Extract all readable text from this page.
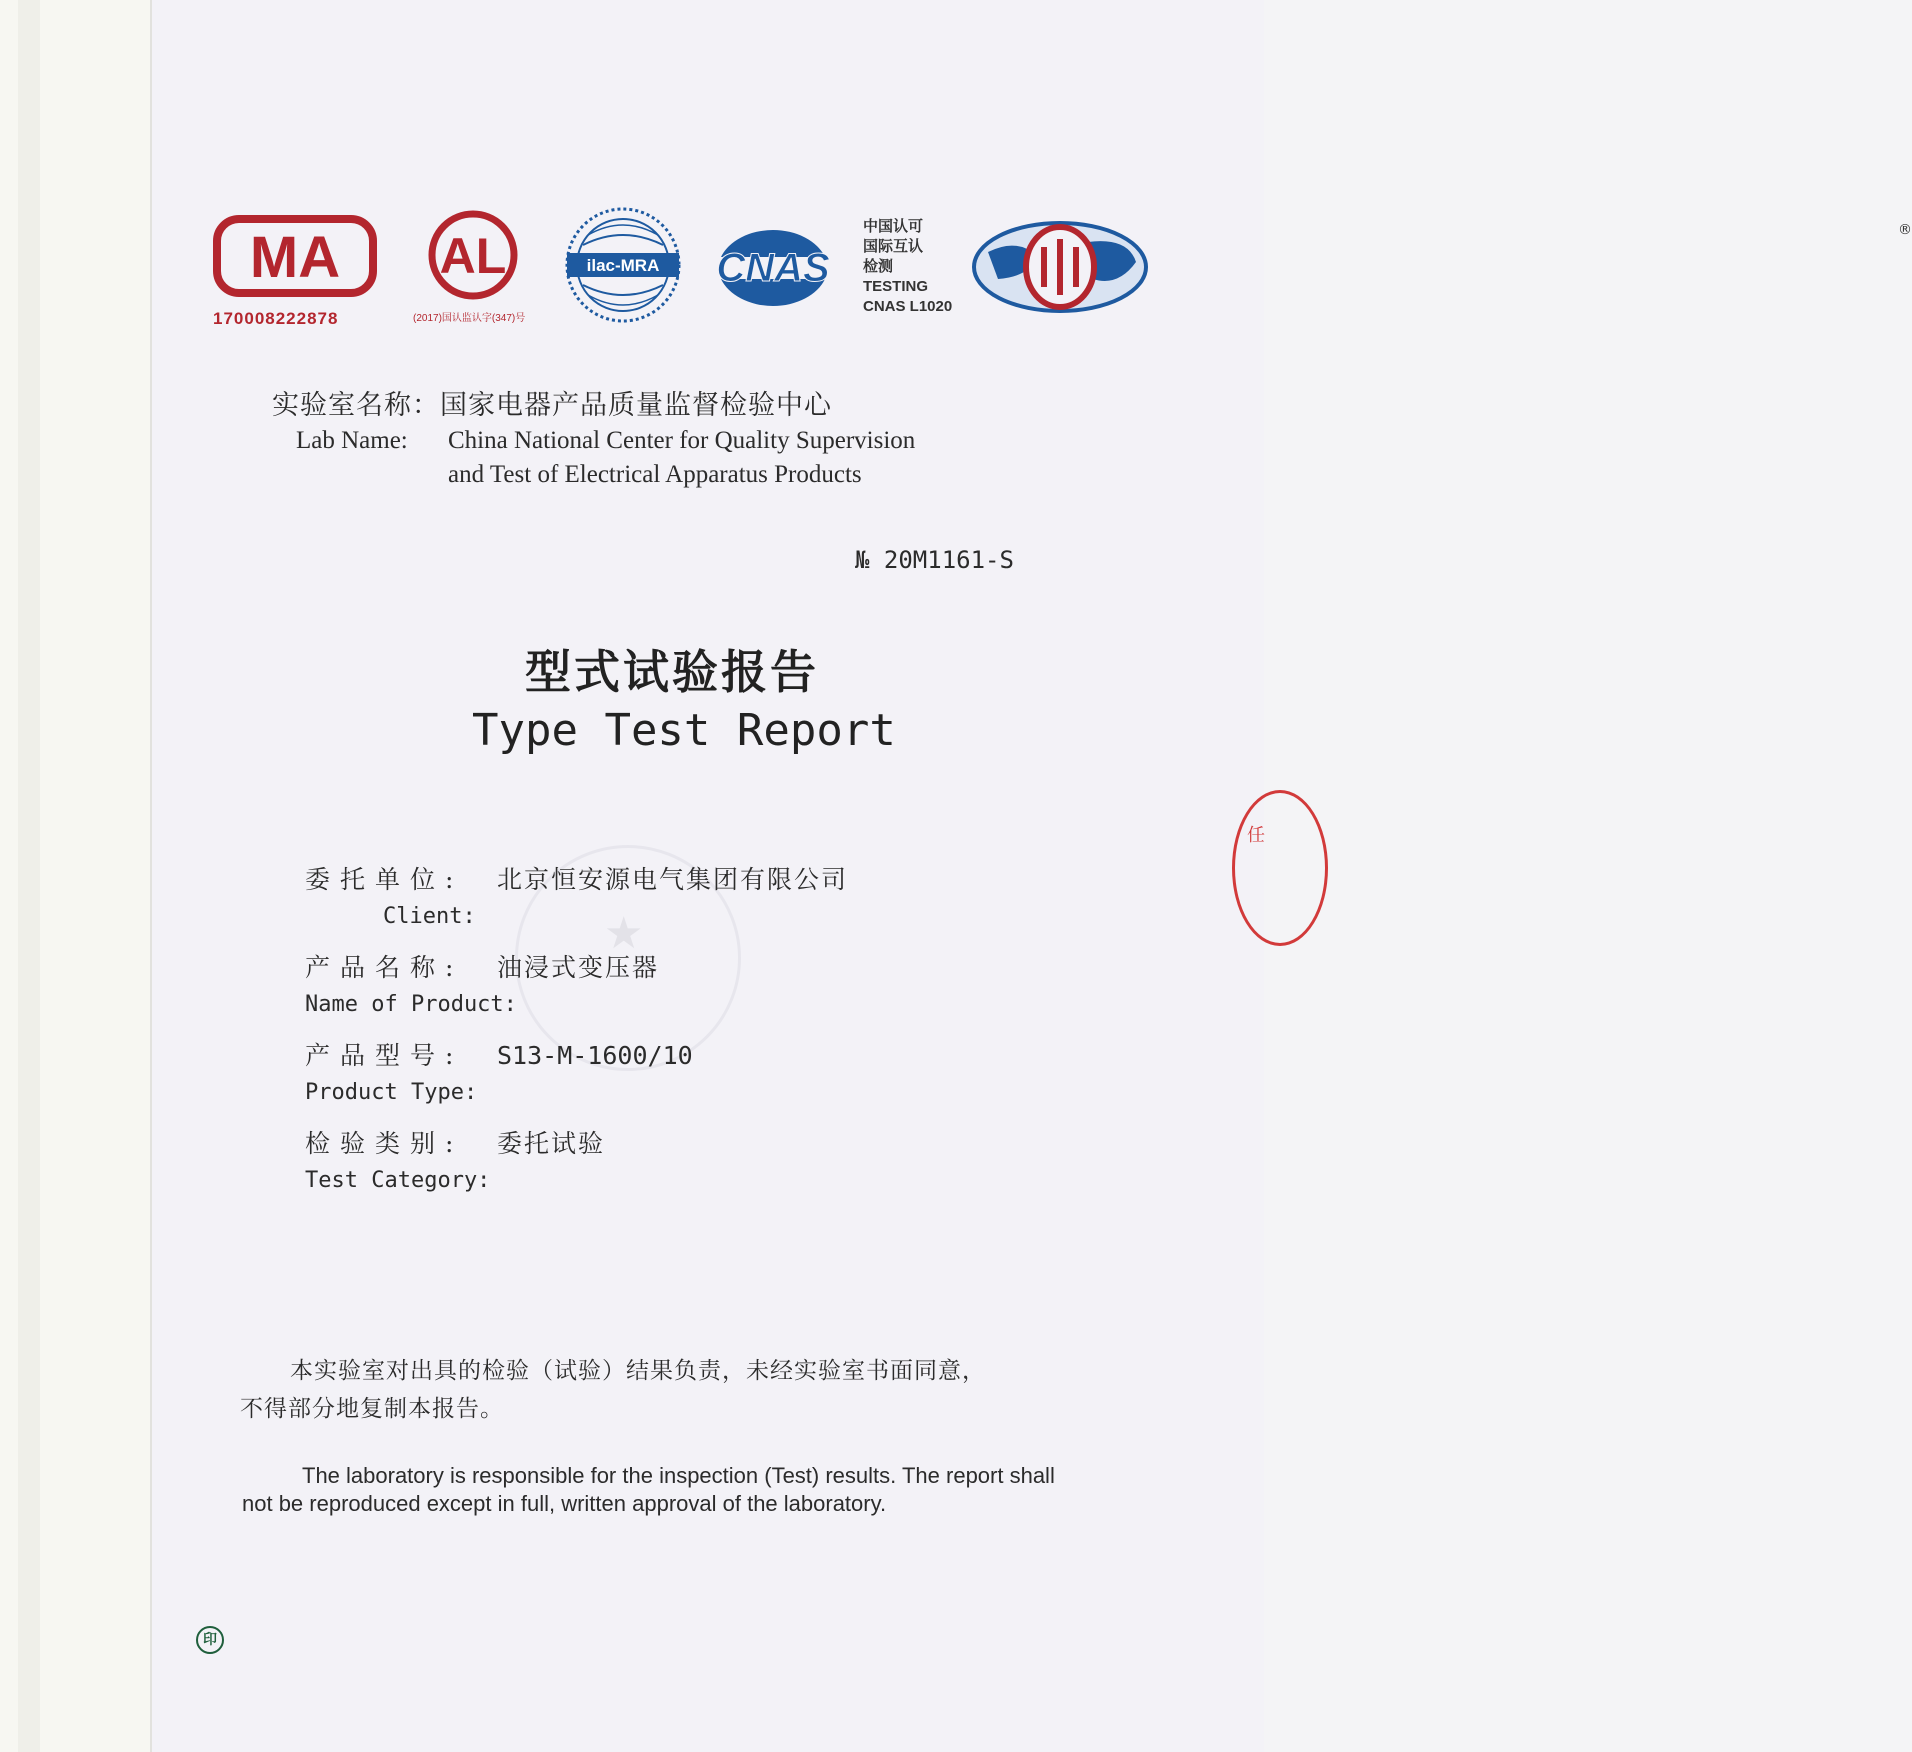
MA
170008222878
AL
(2017)国认监认字(347)号
ilac-MRA CNAS
中国认可
国际互认
检测
TESTING
CNAS L1020
®
实验室名称：国家电器产品质量监督检验中心
Lab Name: China National Center for Quality Supervision
and Test of Electrical Apparatus Products
№ 20M1161-S
型式试验报告
Type Test Report
★
任
委托单位: 北京恒安源电气集团有限公司
Client:
产品名称: 油浸式变压器
Name of Product:
产品型号: S13-M-1600/10
Product Type:
检验类别: 委托试验
Test Category:
本实验室对出具的检验（试验）结果负责，未经实验室书面同意，
不得部分地复制本报告。
The laboratory is responsible for the inspection (Test) results. The report shall
not be reproduced except in full, written approval of the laboratory.
印
